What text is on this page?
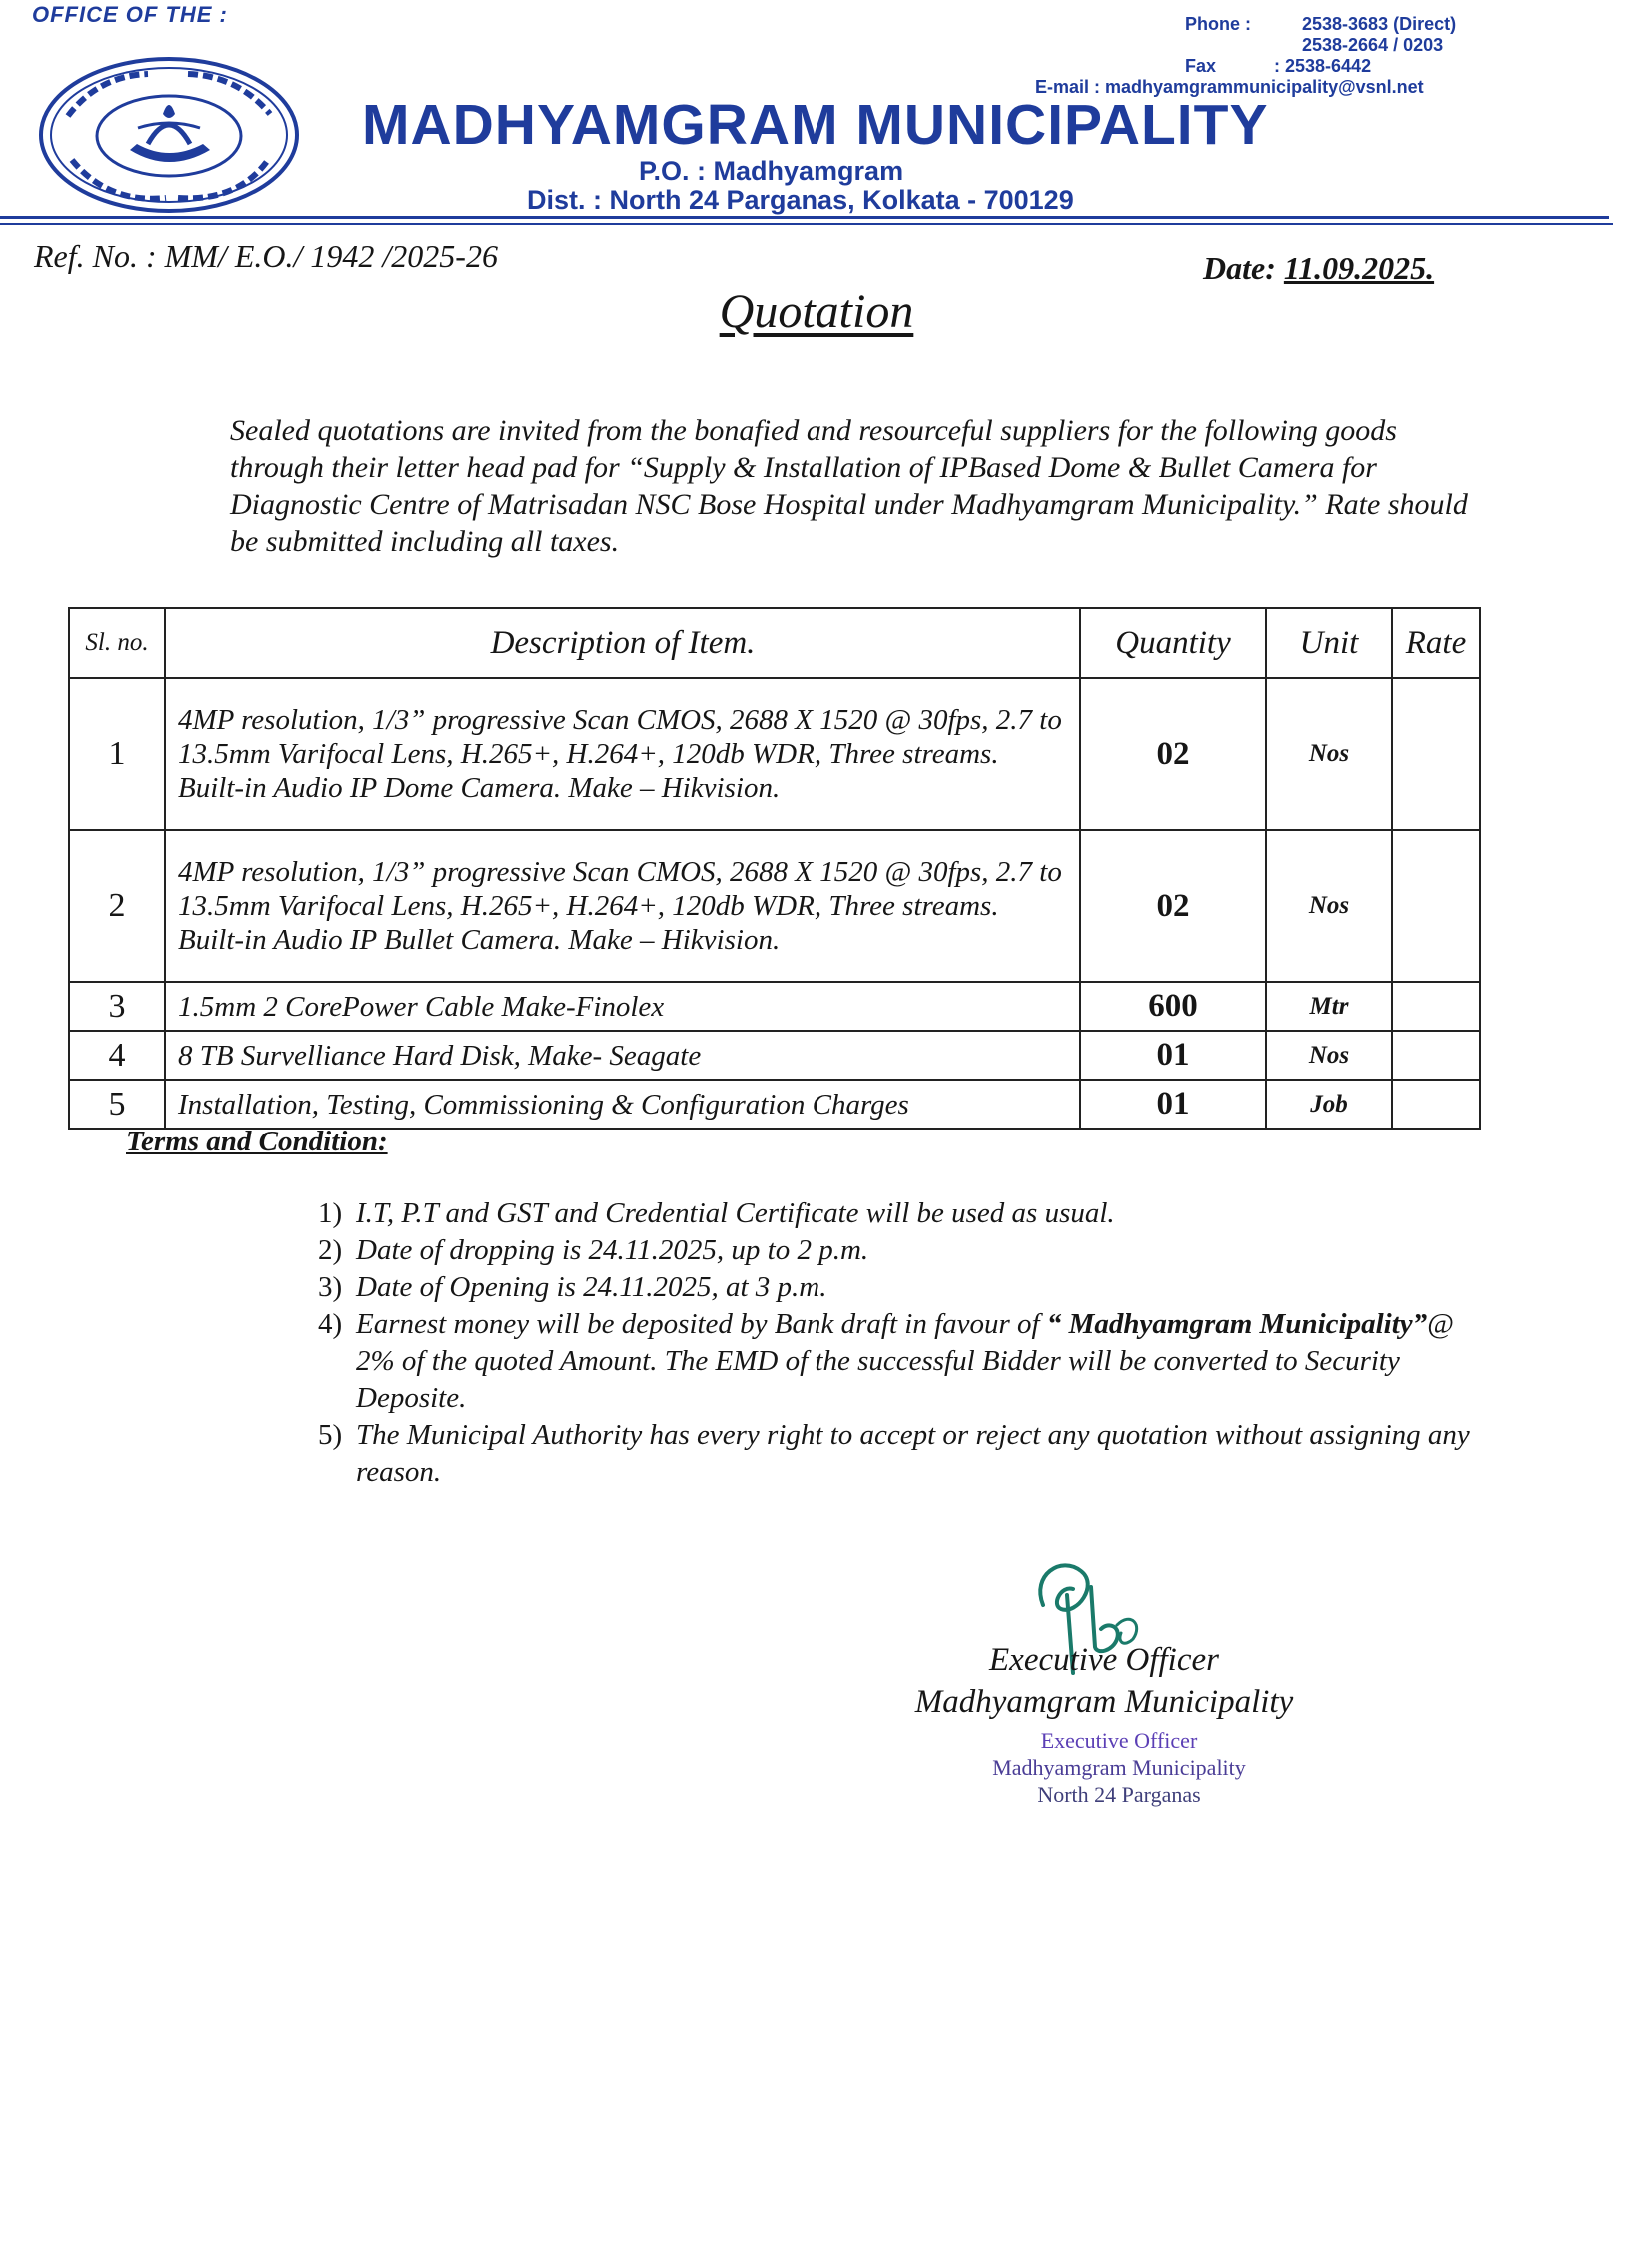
OFFICE OF THE :	Phone :	2538-3683 (Direct)
2538-2664 / 0203
Fax	: 2538-6442
E-mail : madhyamgrammunicipality@vsnl.net
MADHYAMGRAM MUNICIPALITY
P.O. : Madhyamgram
Dist. : North 24 Parganas, Kolkata - 700129
Ref. No. : MM/ E.O./ 1942 /2025-26	Date: 11.09.2025.
Quotation
Sealed quotations are invited from the bonafied and resourceful suppliers for the following goods through their letter head pad for “Supply & Installation of IPBased Dome & Bullet Camera for Diagnostic Centre of Matrisadan NSC Bose Hospital under Madhyamgram Municipality.” Rate should be submitted including all taxes.
Sl. no.	Description of Item.	Quantity	Unit	Rate
1	4MP resolution, 1/3” progressive Scan CMOS, 2688 X 1520 @ 30fps, 2.7 to 13.5mm Varifocal Lens, H.265+, H.264+, 120db WDR, Three streams. Built-in Audio IP Dome Camera. Make – Hikvision.	02	Nos	
2	4MP resolution, 1/3” progressive Scan CMOS, 2688 X 1520 @ 30fps, 2.7 to 13.5mm Varifocal Lens, H.265+, H.264+, 120db WDR, Three streams. Built-in Audio IP Bullet Camera. Make – Hikvision.	02	Nos	
3	1.5mm 2 CorePower Cable Make-Finolex	600	Mtr	
4	8 TB Survelliance Hard Disk, Make- Seagate	01	Nos	
5	Installation, Testing, Commissioning & Configuration Charges	01	Job	
Terms and Condition:
1) I.T, P.T and GST and Credential Certificate will be used as usual.
2) Date of dropping is 24.11.2025, up to 2 p.m.
3) Date of Opening is 24.11.2025, at 3 p.m.
4) Earnest money will be deposited by Bank draft in favour of “ Madhyamgram Municipality”@ 2% of the quoted Amount. The EMD of the successful Bidder will be converted to Security Deposite.
5) The Municipal Authority has every right to accept or reject any quotation without assigning any reason.
Executive Officer
Madhyamgram Municipality
Executive Officer
Madhyamgram Municipality
North 24 Parganas
